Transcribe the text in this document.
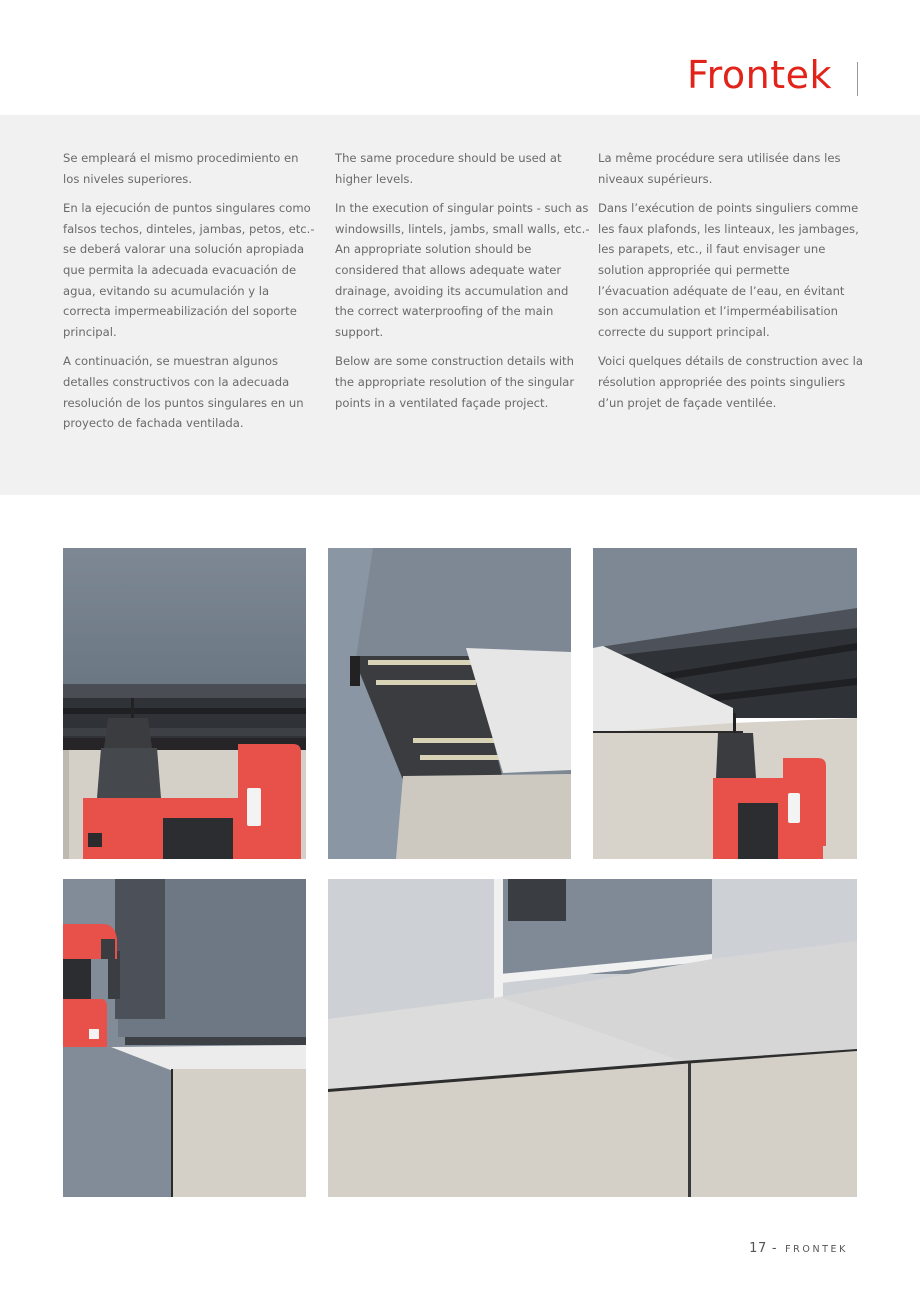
Frontek

Se empleará el mismo procedimiento en los niveles superiores.

En la ejecución de puntos singulares como falsos techos, dinteles, jambas, petos, etc.- se deberá valorar una solución apropiada que permita la adecuada evacuación de agua, evitando su acumulación y la correcta impermeabilización del soporte principal.

A continuación, se muestran algunos detalles constructivos con la adecuada resolución de los puntos singulares en un proyecto de fachada ventilada.

The same procedure should be used at higher levels.

In the execution of singular points - such as windowsills, lintels, jambs, small walls, etc.- An appropriate solution should be considered that allows adequate water drainage, avoiding its accumulation and the correct waterproofing of the main support.

Below are some construction details with the appropriate resolution of the singular points in a ventilated façade project.

La même procédure sera utilisée dans les niveaux supérieurs.

Dans l’exécution de points singuliers comme les faux plafonds, les linteaux, les jambages, les parapets, etc., il faut envisager une solution appropriée qui permette l’évacuation adéquate de l’eau, en évitant son accumulation et l’imperméabilisation correcte du support principal.

Voici quelques détails de construction avec la résolution appropriée des points singuliers d’un projet de façade ventilée.

17 - FRONTEK
